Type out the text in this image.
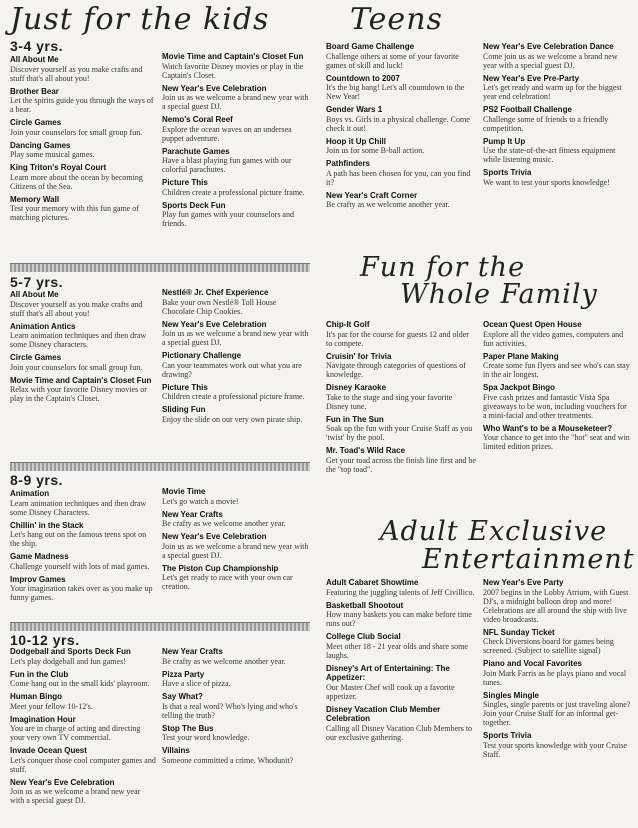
Just for the kids
3-4 yrs.
All About Me

Discover yourself as you make crafts and stuff that's all about you!

Brother Bear

Let the spirits guide you through the ways of a bear.

Circle Games

Join your counselors for small group fun.

Dancing Games

Play some musical games.

King Triton's Royal Court

Learn more about the ocean by becoming Citizens of the Sea.

Memory Wall

Test your memory with this fun game of matching pictures.

Movie Time and Captain's Closet Fun

Watch favorite Disney movies or play in the Captain's Closet.

New Year's Eve Celebration

Join us as we welcome a brand new year with a special guest DJ.

Nemo's Coral Reef

Explore the ocean waves on an undersea puppet adventure.

Parachute Games

Have a blast playing fun games with our colorful parachutes.

Picture This

Children create a professional picture frame.

Sports Deck Fun

Play fun games with your counselors and friends.

5-7 yrs.
All About Me

Discover yourself as you make crafts and stuff that's all about you!

Animation Antics

Learn animation techniques and then draw some Disney characters.

Circle Games

Join your counselors for small group fun.

Movie Time and Captain's Closet Fun

Relax with your favorite Disney movies or play in the Captain's Closet.

Nestlé® Jr. Chef Experience

Bake your own Nestlé® Toll House Chocolate Chip Cookies.

New Year's Eve Celebration

Join us as we welcome a brand new year with a special guest DJ.

Pictionary Challenge

Can your teammates work out what you are drawing?

Picture This

Children create a professional picture frame.

Sliding Fun

Enjoy the slide on our very own pirate ship.

8-9 yrs.
Animation

Learn animation techniques and then draw some Disney Characters.

Chillin' in the Stack

Let's hang out on the famous teens spot on the ship.

Game Madness

Challenge yourself with lots of mad games.

Improv Games

Your imagination takes over as you make up funny games.

Movie Time

Let's go watch a movie!

New Year Crafts

Be crafty as we welcome another year.

New Year's Eve Celebration

Join us as we welcome a brand new year with a special guest DJ.

The Piston Cup Championship

Let's get ready to race with your own car creation.

10-12 yrs.
Dodgeball and Sports Deck Fun

Let's play dodgeball and fun games!

Fun in the Club

Come hang out in the small kids' playroom.

Human Bingo

Meet your fellow 10-12's.

Imagination Hour

You are in charge of acting and directing your very own TV commercial.

Invade Ocean Quest

Let's conquer those cool computer games and stuff.

New Year's Eve Celebration

Join us as we welcome a brand new year with a special guest DJ.

New Year Crafts

Be crafty as we welcome another year.

Pizza Party

Have a slice of pizza.

Say What?

Is that a real word? Who's lying and who's telling the truth?

Stop The Bus

Test your word knowledge.

Villains

Someone committed a crime. Whodunit?

Teens
Board Game Challenge

Challenge others at some of your favorite games of skill and luck!

Countdown to 2007

It's the big bang! Let's all countdown to the New Year!

Gender Wars 1

Boys vs. Girls in a physical challenge. Come check it out!

Hoop it Up Chill

Join us for some B-ball action.

Pathfinders

A path has been chosen for you, can you find it?

New Year's Craft Corner

Be crafty as we welcome another year.

New Year's Eve Celebration Dance

Come join us as we welcome a brand new year with a special guest DJ.

New Year's Eve Pre-Party

Let's get ready and warm up for the biggest year end celebration!

PS2 Football Challenge

Challenge some of friends to a friendly competition.

Pump It Up

Use the state-of-the-art fitness equipment while listening music.

Sports Trivia

We want to test your sports knowledge!

Fun for the
Whole Family
Chip-It Golf

It's par for the course for guests 12 and older to compete.

Cruisin' for Trivia

Navigate through categories of questions of knowledge.

Disney Karaoke

Take to the stage and sing your favorite Disney tune.

Fun in The Sun

Soak up the fun with your Cruise Staff as you 'twist' by the pool.

Mr. Toad's Wild Race

Get your toad across the finish line first and be the "top toad".

Ocean Quest Open House

Explore all the video games, computers and fun activities.

Paper Plane Making

Create some fun flyers and see who's can stay in the air longest.

Spa Jackpot Bingo

Five cash prizes and fantastic Vista Spa giveaways to be won, including vouchers for a mini-facial and other treatments.

Who Want's to be a Mouseketeer?

Your chance to get into the "hot" seat and win limited edition prizes.

Adult Exclusive
Entertainment
Adult Cabaret Showtime

Featuring the juggling talents of Jeff Civillico.

Basketball Shootout

How many baskets you can make before time runs out?

College Club Social

Meet other 18 - 21 year olds and share some laughs.

Disney's Art of Entertaining: The Appetizer:

Our Master Chef will cook up a favorite appetizer.

Disney Vacation Club Member Celebration

Calling all Disney Vacation Club Members to our exclusive gathering.

New Year's Eve Party

2007 begins in the Lobby Atrium, with Guest DJ's, a midnight balloon drop and more! Celebrations are all around the ship with live video broadcasts.

NFL Sunday Ticket

Check Diversions board for games being screened. (Subject to satellite signal)

Piano and Vocal Favorites

Join Mark Farris as he plays piano and vocal tunes.

Singles Mingle

Singles, single parents or just traveling alone? Join your Cruise Staff for an informal get-together.

Sports Trivia

Test your sports knowledge with your Cruise Staff.
